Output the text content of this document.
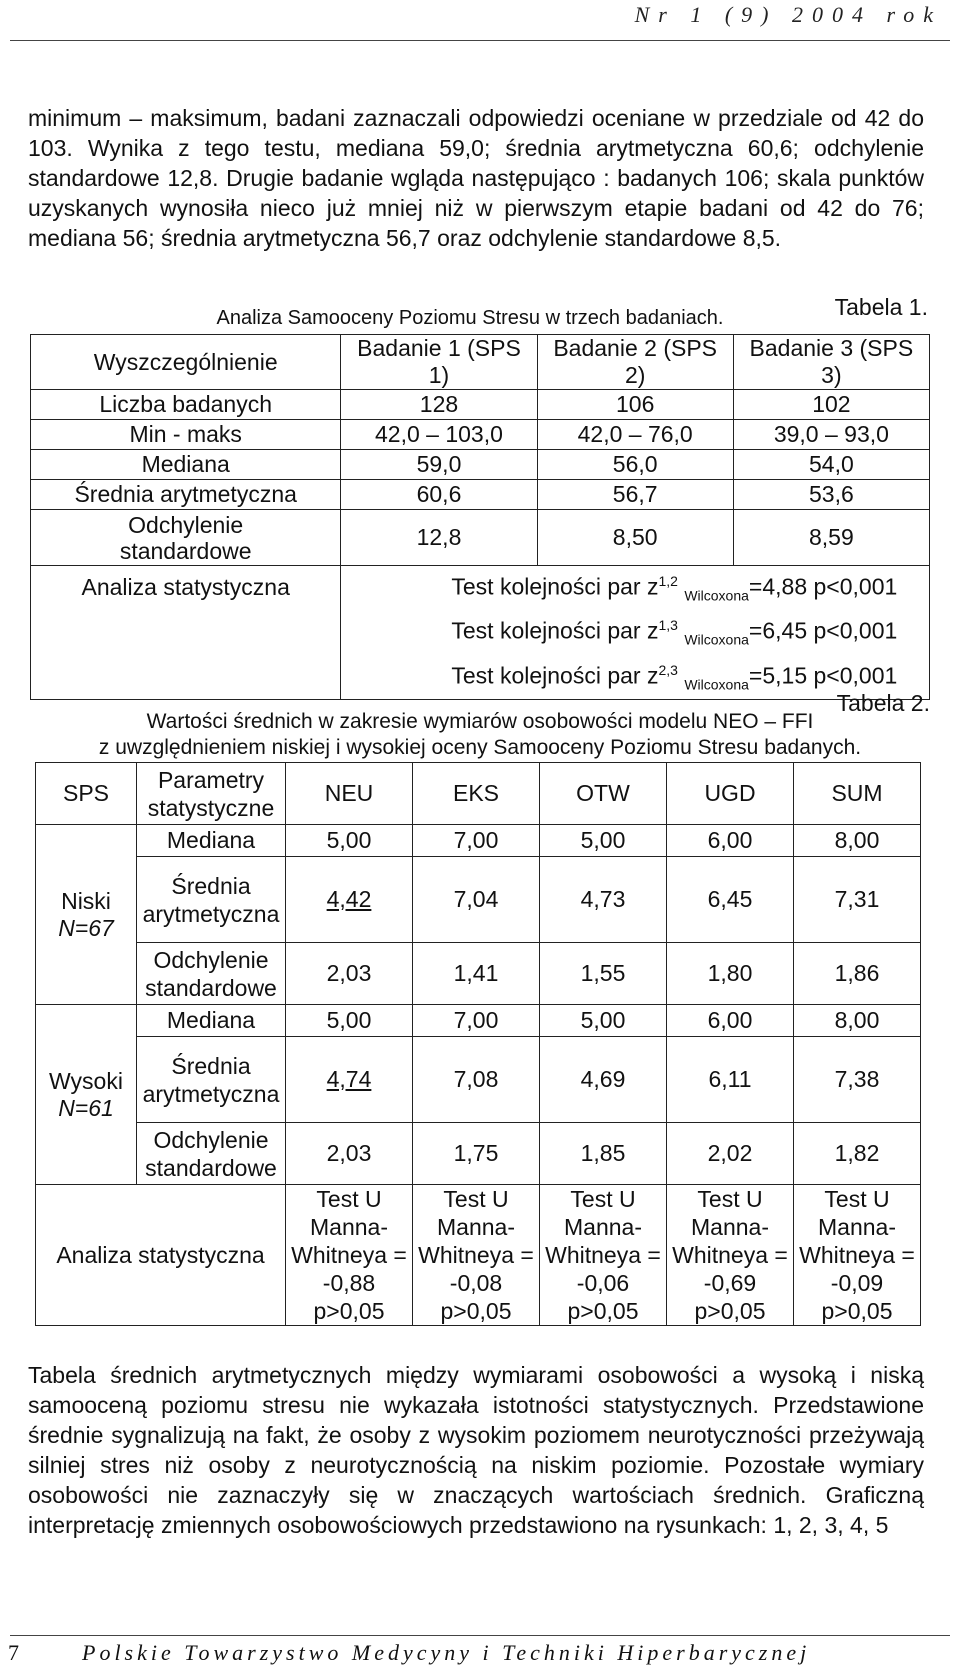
Nr 1 (9) 2004 rok
minimum – maksimum, badani zaznaczali odpowiedzi oceniane w przedziale od 42 do 103. Wynika z tego testu, mediana 59,0; średnia arytmetyczna 60,6; odchylenie standardowe 12,8. Drugie badanie wgląda następująco : badanych 106; skala punktów uzyskanych wynosiła nieco już mniej niż w pierwszym etapie badani od 42 do 76; mediana 56; średnia arytmetyczna 56,7 oraz odchylenie standardowe 8,5.
Tabela 1.
Analiza Samooceny Poziomu Stresu w trzech badaniach.
Wyszczególnienie	Badanie 1 (SPS 1)	Badanie 2 (SPS 2)	Badanie 3 (SPS 3)
Liczba badanych	128	106	102
Min - maks	42,0 – 103,0	42,0 – 76,0	39,0 – 93,0
Mediana	59,0	56,0	54,0
Średnia arytmetyczna	60,6	56,7	53,6
Odchylenie standardowe	12,8	8,50	8,59
Analiza statystyczna	Test kolejności par $z^{1,2}$ $_{Wilcoxona}$=4,88 p<0,001
Test kolejności par $z^{1,3}$ $_{Wilcoxona}$=6,45 p<0,001
Test kolejności par $z^{2,3}$ $_{Wilcoxona}$=5,15 p<0,001		
Tabela 2.
Wartości średnich w zakresie wymiarów osobowości modelu NEO – FFI
z uwzględnieniem niskiej i wysokiej oceny Samooceny Poziomu Stresu badanych.
SPS	Parametry statystyczne	NEU	EKS	OTW	UGD	SUM

Niski
N=67	Mediana	5,00	7,00	5,00	6,00	8,00
	Średnia arytmetyczna	4,42	7,04	4,73	6,45	7,31
	Odchylenie standardowe	2,03	1,41	1,55	1,80	1,86

Wysoki
N=61	Mediana	5,00	7,00	5,00	6,00	8,00
	Średnia arytmetyczna	4,74	7,08	4,69	6,11	7,38
	Odchylenie standardowe	2,03	1,75	1,85	2,02	1,82
Analiza statystyczna		Test U Manna-Whitneya = -0,88 p>0,05	Test U Manna-Whitneya = -0,08 p>0,05	Test U Manna-Whitneya = -0,06 p>0,05	Test U Manna-Whitneya = -0,69 p>0,05	Test U Manna-Whitneya = -0,09 p>0,05
Tabela średnich arytmetycznych między wymiarami osobowości a wysoką i niską samooceną poziomu stresu nie wykazała istotności statystycznych. Przedstawione średnie sygnalizują na fakt, że osoby z wysokim poziomem neurotyczności przeżywają silniej stres niż osoby z neurotycznością na niskim poziomie. Pozostałe wymiary osobowości nie zaznaczyły się w znaczących wartościach średnich. Graficzną interpretację zmiennych osobowościowych przedstawiono na rysunkach: 1, 2, 3, 4, 5
7	Polskie Towarzystwo Medycyny i Techniki Hiperbarycznej
